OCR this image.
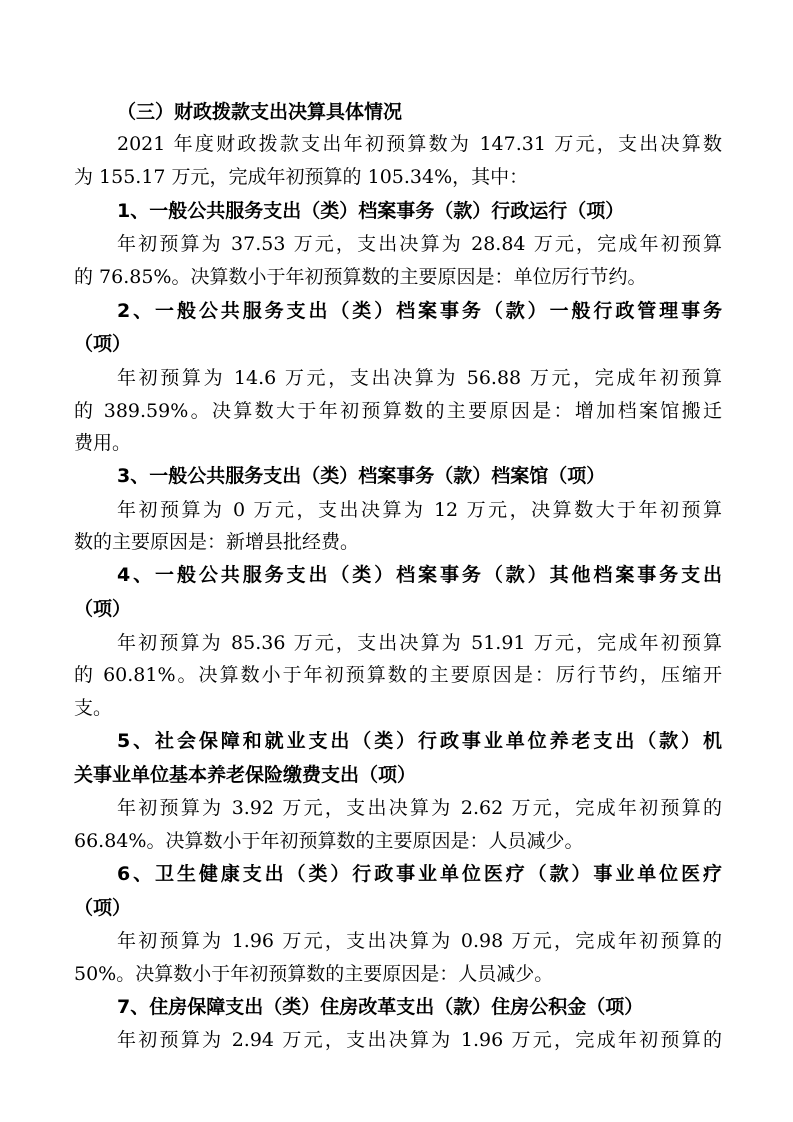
（三）财政拨款支出决算具体情况
2021 年度财政拨款支出年初预算数为 147.31 万元，支出决算数
为 155.17 万元，完成年初预算的 105.34%，其中：
1、一般公共服务支出（类）档案事务（款）行政运行（项）
年初预算为 37.53 万元，支出决算为 28.84 万元，完成年初预算
的 76.85%。决算数小于年初预算数的主要原因是：单位厉行节约。
2、一般公共服务支出（类）档案事务（款）一般行政管理事务
（项）
年初预算为 14.6 万元，支出决算为 56.88 万元，完成年初预算
的 389.59%。决算数大于年初预算数的主要原因是：增加档案馆搬迁
费用。
3、一般公共服务支出（类）档案事务（款）档案馆（项）
年初预算为 0 万元，支出决算为 12 万元，决算数大于年初预算
数的主要原因是：新增县批经费。
4、一般公共服务支出（类）档案事务（款）其他档案事务支出
（项）
年初预算为 85.36 万元，支出决算为 51.91 万元，完成年初预算
的 60.81%。决算数小于年初预算数的主要原因是：厉行节约，压缩开
支。
5、社会保障和就业支出（类）行政事业单位养老支出（款）机
关事业单位基本养老保险缴费支出（项）
年初预算为 3.92 万元，支出决算为 2.62 万元，完成年初预算的
66.84%。决算数小于年初预算数的主要原因是：人员减少。
6、卫生健康支出（类）行政事业单位医疗（款）事业单位医疗
（项）
年初预算为 1.96 万元，支出决算为 0.98 万元，完成年初预算的
50%。决算数小于年初预算数的主要原因是：人员减少。
7、住房保障支出（类）住房改革支出（款）住房公积金（项）
年初预算为 2.94 万元，支出决算为 1.96 万元，完成年初预算的
